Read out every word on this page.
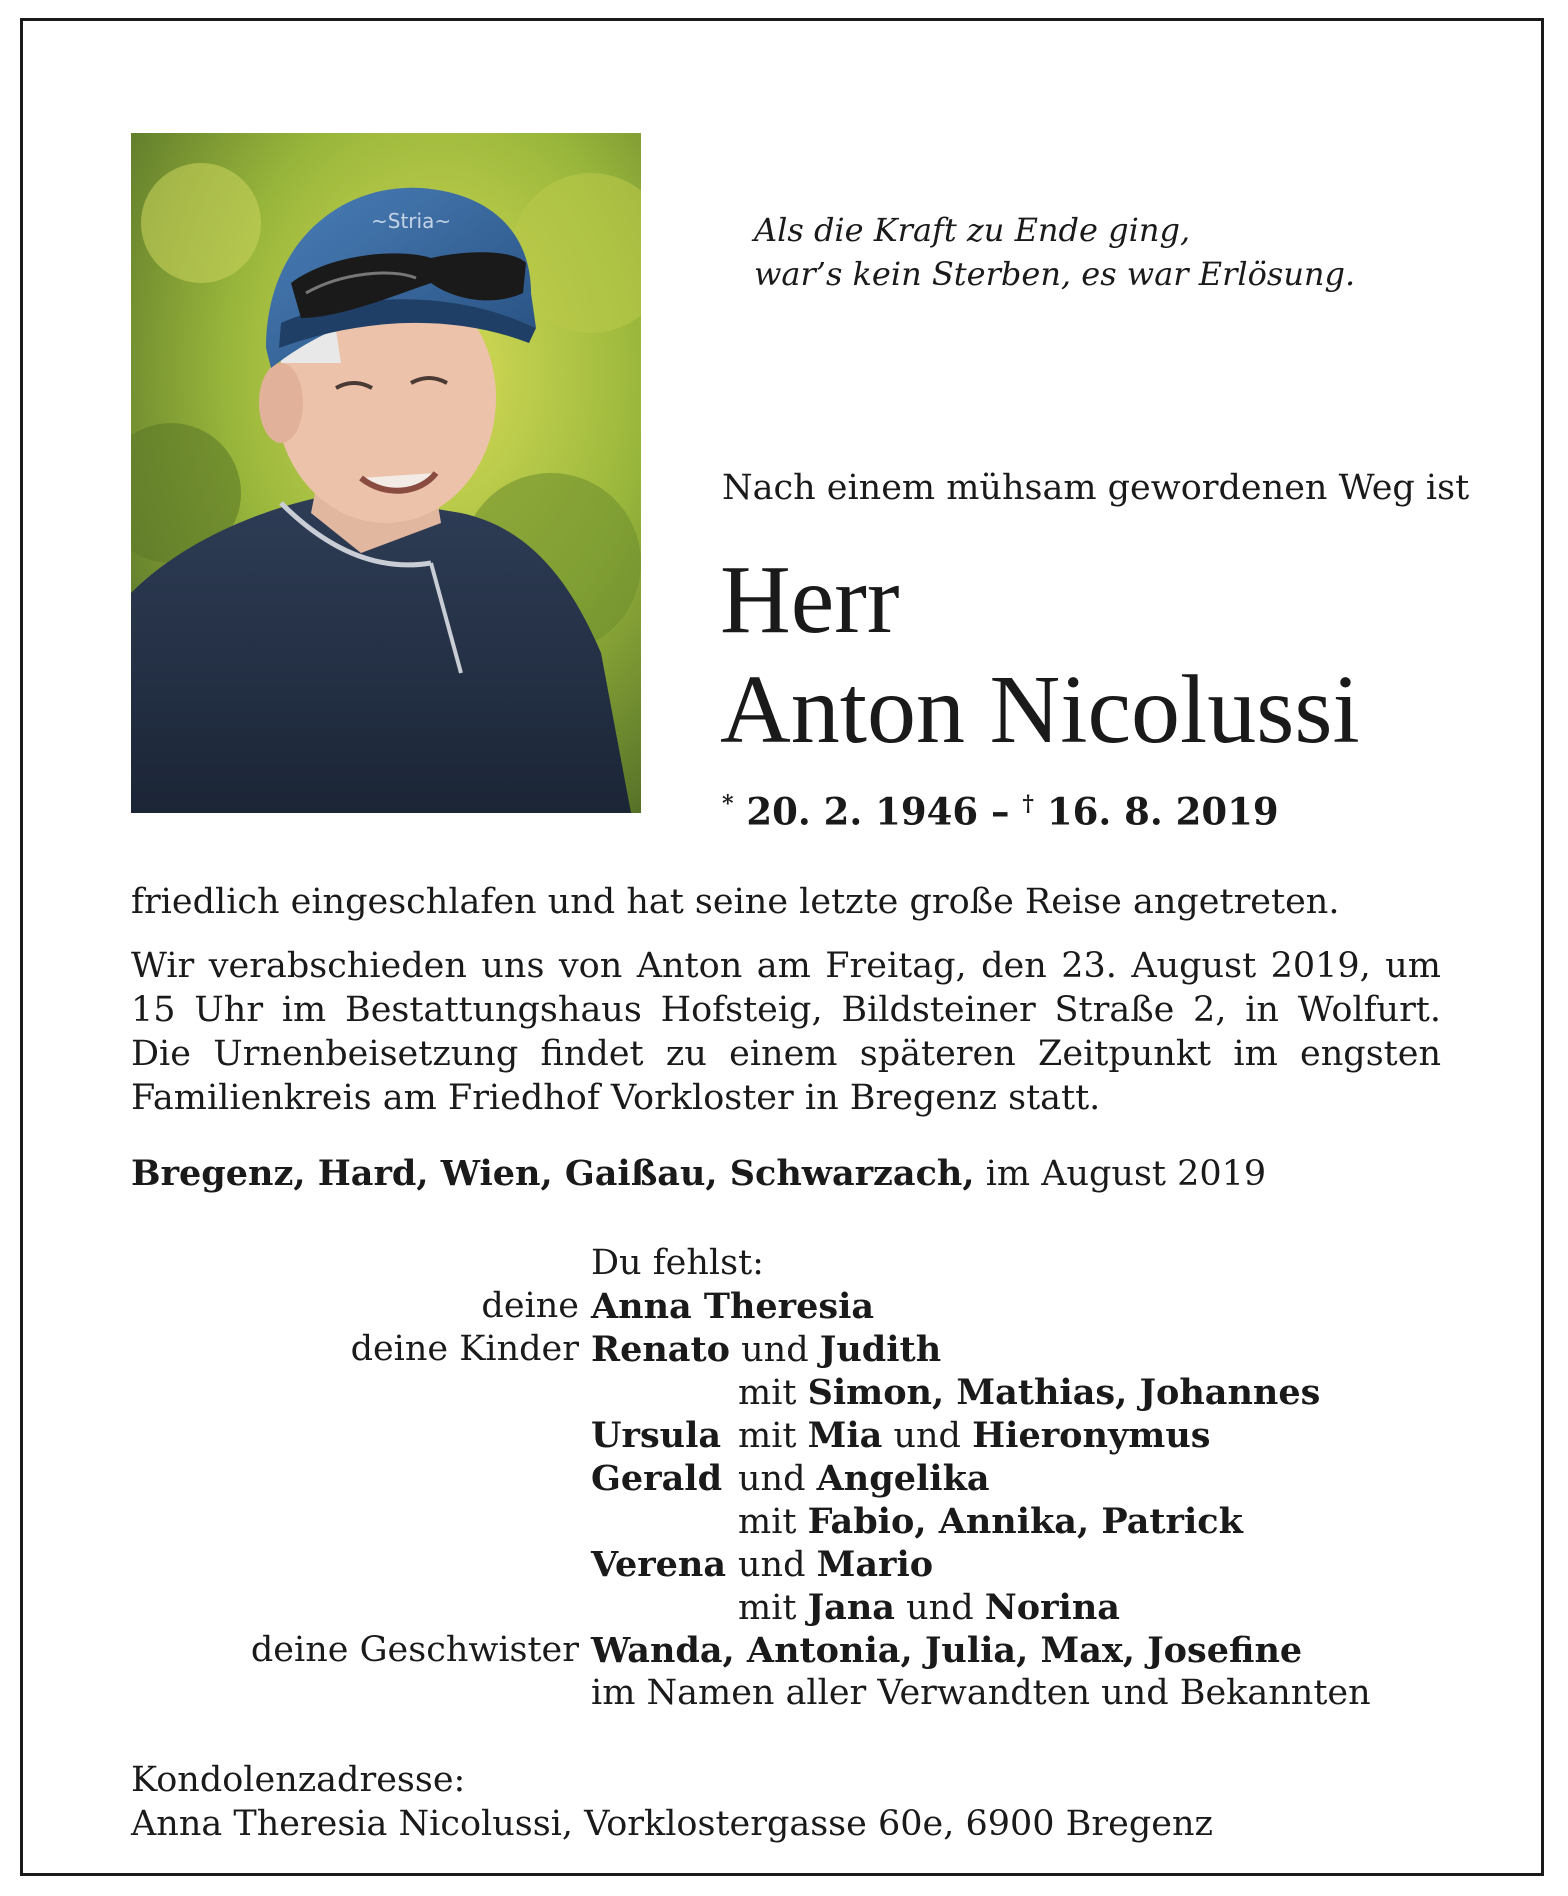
~Stria~	Als die Kraft zu Ende ging,
war’s kein Sterben, es war Erlösung.
Nach einem mühsam gewordenen Weg ist
Herr
Anton Nicolussi
* 20. 2. 1946 – † 16. 8. 2019
friedlich eingeschlafen und hat seine letzte große Reise angetreten.
Wir verabschieden uns von Anton am Freitag, den 23. August 2019, um 15 Uhr im Bestattungshaus Hofsteig, Bildsteiner Straße 2, in Wolfurt. Die Urnenbeisetzung findet zu einem späteren Zeitpunkt im engsten Familienkreis am Friedhof Vorkloster in Bregenz statt.
Bregenz, Hard, Wien, Gaißau, Schwarzach, im August 2019
Du fehlst:
deine Anna Theresia
deine Kinder Renato und Judith
mit Simon, Mathias, Johannes
Ursula mit Mia und Hieronymus
Gerald und Angelika
mit Fabio, Annika, Patrick
Verena und Mario
mit Jana und Norina
deine Geschwister Wanda, Antonia, Julia, Max, Josefine
im Namen aller Verwandten und Bekannten
Kondolenzadresse:
Anna Theresia Nicolussi, Vorklostergasse 60e, 6900 Bregenz
